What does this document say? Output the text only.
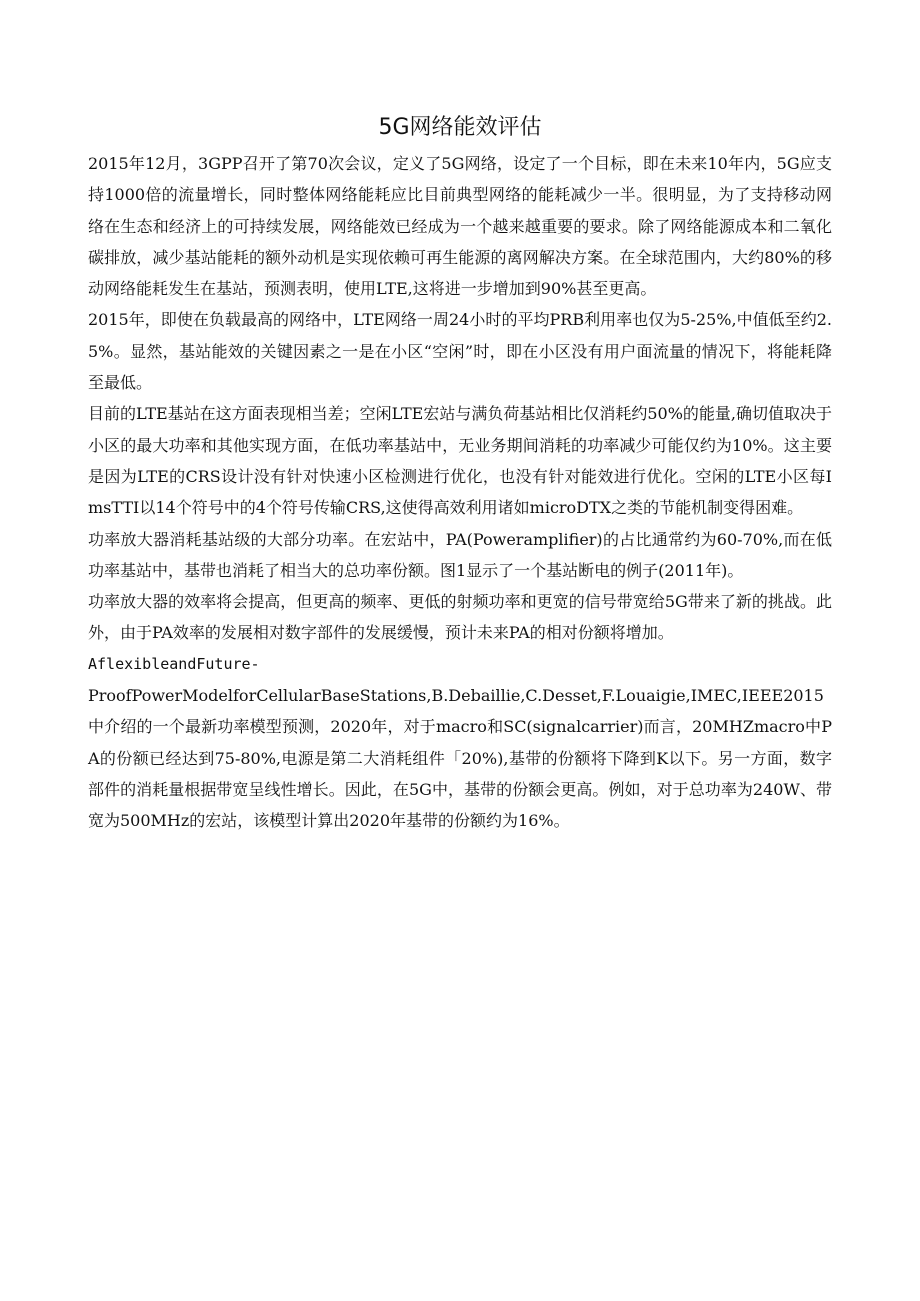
5G网络能效评估

2015年12月，3GPP召开了第70次会议，定义了5G网络，设定了一个目标，即在未来10年内，5G应支持1000倍的流量增长，同时整体网络能耗应比目前典型网络的能耗减少一半。很明显，为了支持移动网络在生态和经济上的可持续发展，网络能效已经成为一个越来越重要的要求。除了网络能源成本和二氧化碳排放，减少基站能耗的额外动机是实现依赖可再生能源的离网解决方案。在全球范围内，大约80%的移动网络能耗发生在基站，预测表明，使用LTE,这将进一步增加到90%甚至更高。

2015年，即使在负载最高的网络中，LTE网络一周24小时的平均PRB利用率也仅为5-25%,中值低至约2.5%。显然，基站能效的关键因素之一是在小区“空闲”时，即在小区没有用户面流量的情况下，将能耗降至最低。

目前的LTE基站在这方面表现相当差；空闲LTE宏站与满负荷基站相比仅消耗约50%的能量,确切值取决于小区的最大功率和其他实现方面，在低功率基站中，无业务期间消耗的功率减少可能仅约为10%。这主要是因为LTE的CRS设计没有针对快速小区检测进行优化，也没有针对能效进行优化。空闲的LTE小区每ImsTTI以14个符号中的4个符号传输CRS,这使得高效利用诸如microDTX之类的节能机制变得困难。

功率放大器消耗基站级的大部分功率。在宏站中，PA(Poweramplifier)的占比通常约为60-70%,而在低功率基站中，基带也消耗了相当大的总功率份额。图1显示了一个基站断电的例子(2011年)。

功率放大器的效率将会提高，但更高的频率、更低的射频功率和更宽的信号带宽给5G带来了新的挑战。此外，由于PA效率的发展相对数字部件的发展缓慢，预计未来PA的相对份额将增加。

AflexibleandFuture-

ProofPowerModelforCellularBaseStations,B.Debaillie,C.Desset,F.Louaigie,IMEC,IEEE2015中介绍的一个最新功率模型预测，2020年，对于macro和SC(signalcarrier)而言，20MHZmacro中PA的份额已经达到75-80%,电源是第二大消耗组件「20%),基带的份额将下降到K以下。另一方面，数字部件的消耗量根据带宽呈线性增长。因此，在5G中，基带的份额会更高。例如，对于总功率为240W、带宽为500MHz的宏站，该模型计算出2020年基带的份额约为16%。
